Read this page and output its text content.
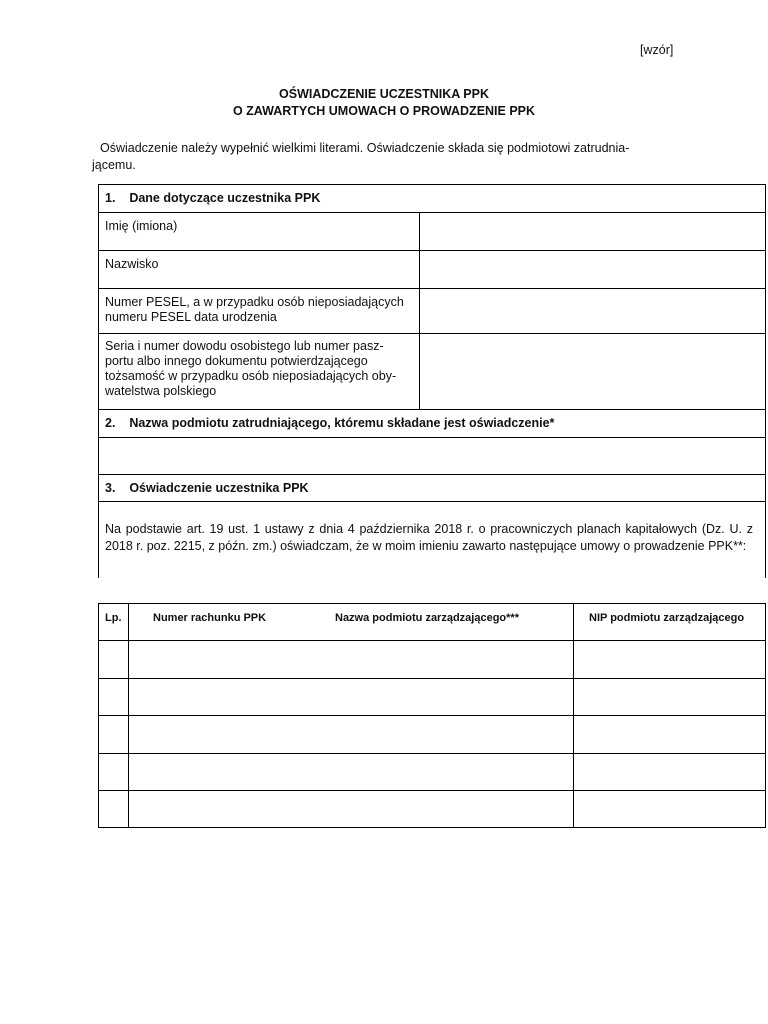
[wzór]
OŚWIADCZENIE UCZESTNIKA PPK
O ZAWARTYCH UMOWACH O PROWADZENIE PPK
Oświadczenie należy wypełnić wielkimi literami. Oświadczenie składa się podmiotowi zatrudnia-jącemu.
1.    Dane dotyczące uczestnika PPK
Imię (imiona)
Nazwisko
Numer PESEL, a w przypadku osób nieposiadających numeru PESEL data urodzenia
Seria i numer dowodu osobistego lub numer pasz-portu albo innego dokumentu potwierdzającego tożsamość w przypadku osób nieposiadających oby-watelstwa polskiego
2.    Nazwa podmiotu zatrudniającego, któremu składane jest oświadczenie*
3.    Oświadczenie uczestnika PPK
Na podstawie art. 19 ust. 1 ustawy z dnia 4 października 2018 r. o pracowniczych planach kapitałowych (Dz. U. z 2018 r. poz. 2215, z późn. zm.) oświadczam, że w moim imieniu zawarto następujące umowy o prowadzenie PPK**:
Lp.	Numer rachunku PPK	Nazwa podmiotu zarządzającego***	NIP podmiotu zarządzającego
